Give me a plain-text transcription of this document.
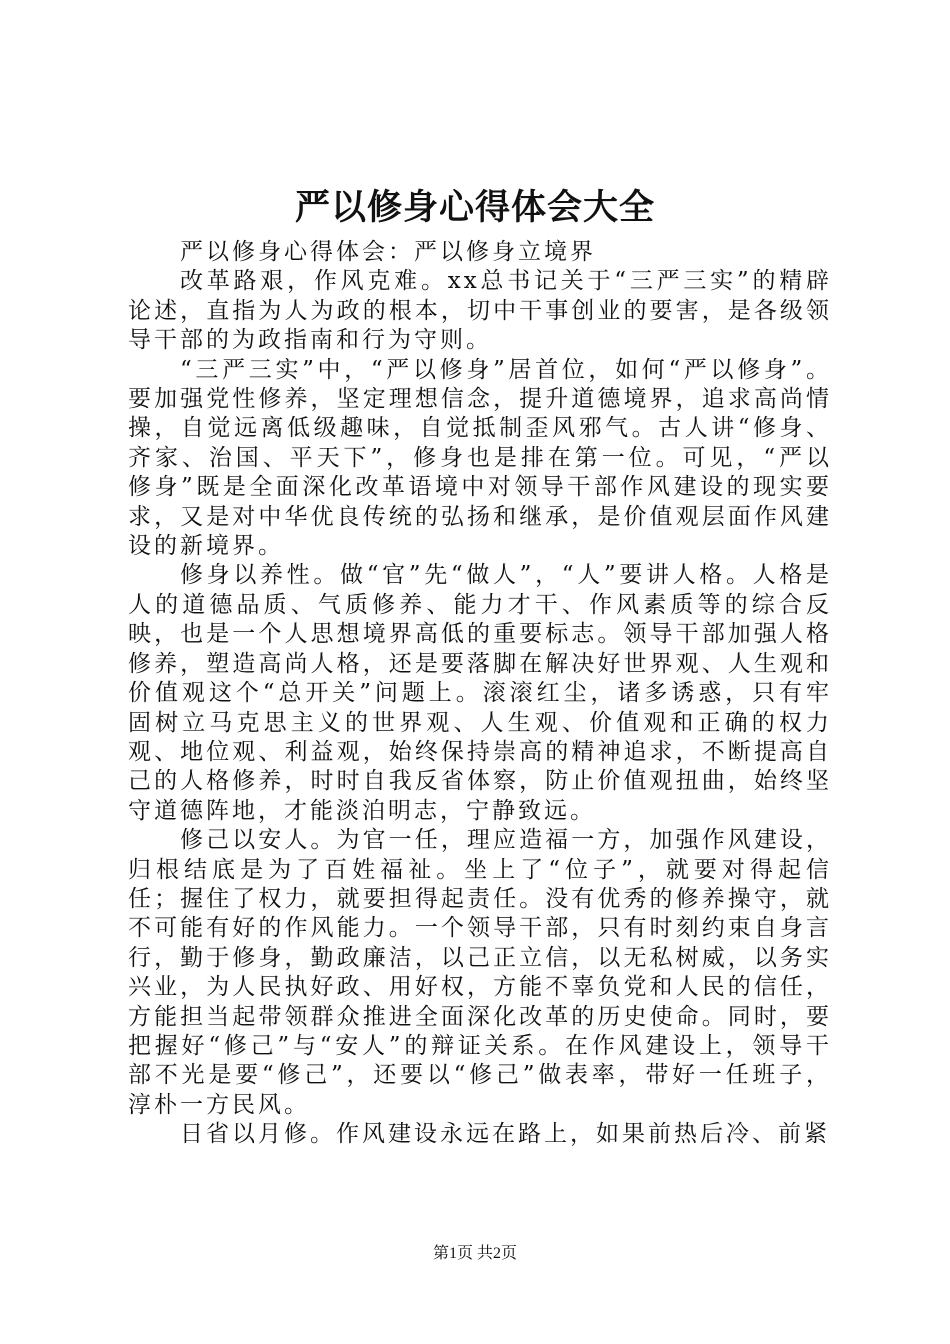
严以修身心得体会大全

严以修身心得体会：严以修身立境界

改革路艰，作风克难。xx总书记关于“三严三实”的精辟论述，直指为人为政的根本，切中干事创业的要害，是各级领导干部的为政指南和行为守则。

“三严三实”中，“严以修身”居首位，如何“严以修身”。要加强党性修养，坚定理想信念，提升道德境界，追求高尚情操，自觉远离低级趣味，自觉抵制歪风邪气。古人讲“修身、齐家、治国、平天下”，修身也是排在第一位。可见，“严以修身”既是全面深化改革语境中对领导干部作风建设的现实要求，又是对中华优良传统的弘扬和继承，是价值观层面作风建设的新境界。

修身以养性。做“官”先“做人”，“人”要讲人格。人格是人的道德品质、气质修养、能力才干、作风素质等的综合反映，也是一个人思想境界高低的重要标志。领导干部加强人格修养，塑造高尚人格，还是要落脚在解决好世界观、人生观和价值观这个“总开关”问题上。滚滚红尘，诸多诱惑，只有牢固树立马克思主义的世界观、人生观、价值观和正确的权力观、地位观、利益观，始终保持崇高的精神追求，不断提高自己的人格修养，时时自我反省体察，防止价值观扭曲，始终坚守道德阵地，才能淡泊明志，宁静致远。

修己以安人。为官一任，理应造福一方，加强作风建设，归根结底是为了百姓福祉。坐上了“位子”，就要对得起信任；握住了权力，就要担得起责任。没有优秀的修养操守，就不可能有好的作风能力。一个领导干部，只有时刻约束自身言行，勤于修身，勤政廉洁，以己正立信，以无私树威，以务实兴业，为人民执好政、用好权，方能不辜负党和人民的信任，方能担当起带领群众推进全面深化改革的历史使命。同时，要把握好“修己”与“安人”的辩证关系。在作风建设上，领导干部不光是要“修己”，还要以“修己”做表率，带好一任班子，淳朴一方民风。

日省以月修。作风建设永远在路上，如果前热后冷、前紧

第1页 共2页
